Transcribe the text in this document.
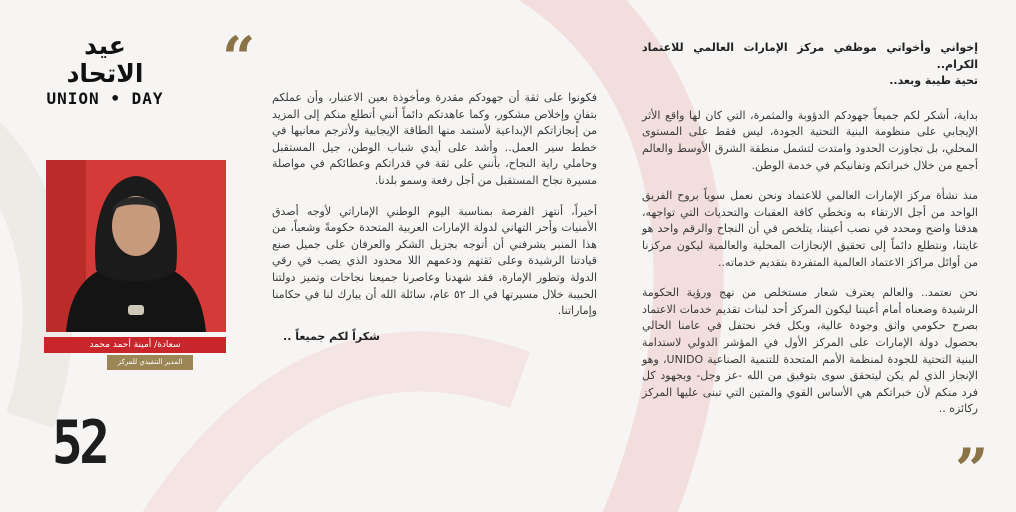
عيد الاتحاد
UNION • DAY
“
”

إخواني وأخواتي موظفي مركز الإمارات العالمي للاعتماد الكرام..
تحية طيبة وبعد..

بداية، أشكر لكم جميعاً جهودكم الدؤوبة والمثمرة، التي كان لها واقع الأثر الإيجابي على منظومة البنية التحتية الجودة، ليس فقط على المستوى المحلي، بل تجاوزت الحدود وامتدت لتشمل منطقة الشرق الأوسط والعالم أجمع من خلال خبراتكم وتفانيكم في خدمة الوطن.

منذ نشأة مركز الإمارات العالمي للاعتماد ونحن نعمل سوياً بروح الفريق الواحد من أجل الارتقاء به وتخطي كافة العقبات والتحديات التي تواجهه، هدفنا واضح ومحدد في نصب أعيننا، يتلخص في أن النجاح والرقم واحد هو غايتنا، ونتطلع دائماً إلى تحقيق الإنجازات المحلية والعالمية ليكون مركزنا من أوائل مراكز الاعتماد العالمية المتفردة بتقديم خدماته..

نحن نعتمد.. والعالم يعترف شعار مستخلص من نهج ورؤية الحكومة الرشيدة وضعناه أمام أعيننا ليكون المركز أحد لبنات تقديم خدمات الاعتماد بصرح حكومي واثق وجودة عالية، وبكل فخر نحتفل في عامنا الحالي بحصول دولة الإمارات على المركز الأول في المؤشر الدولي لاستدامة البنية التحتية للجودة لمنظمة الأمم المتحدة للتنمية الصناعية UNIDO، وهو الإنجاز الذي لم يكن ليتحقق سوى بتوفيق من الله -عز وجل- وبجهود كل فرد منكم لأن خبراتكم هي الأساس القوي والمتين التي تبنى عليها المركز ركائزه ..

فكونوا على ثقة أن جهودكم مقدرة ومأخوذة بعين الاعتبار، وأن عملكم بتفانٍ وإخلاص مشكور، وكما عاهدتكم دائماً أنني أتطلع منكم إلى المزيد من إنجازاتكم الإبداعية لأستمد منها الطاقة الإيجابية ولأترجم معانيها في خطط سير العمل.. وأشد على أيدي شباب الوطن، جيل المستقبل وحاملي راية النجاح، بأنني على ثقة في قدراتكم وعطائكم في مواصلة مسيرة نجاح المستقبل من أجل رفعة وسمو بلدنا.

أخيراً، أنتهز الفرصة بمناسبة اليوم الوطني الإماراتي لأوجه أصدق الأمنيات وأحر التهاني لدولة الإمارات العربية المتحدة حكومةً وشعباً، من هذا المنبر يشرفني أن أتوجه بجزيل الشكر والعرفان على جميل صنع قيادتنا الرشيدة وعلى ثقتهم ودعمهم اللا محدود الذي يصب في رقي الدولة وتطور الإمارة، فقد شهدنا وعاصرنا جميعنا نجاحات وتميز دولتنا الحبيبة خلال مسيرتها في الـ ٥٢ عام، سائلة الله أن يبارك لنا في حكامنا وإماراتنا.

شكراً لكم جميعاً ..
سعادة/ أمينة أحمد محمد
المدير التنفيذي للمركز
52
